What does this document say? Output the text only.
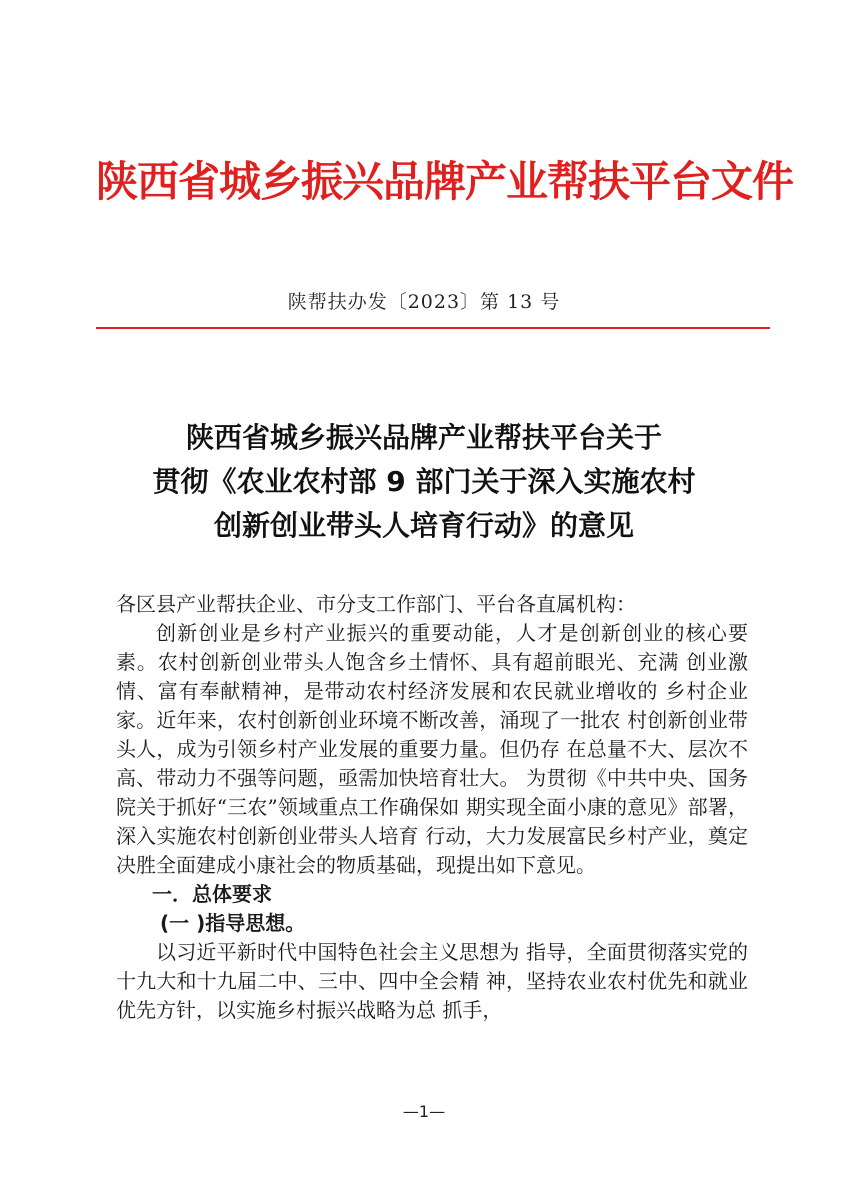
陕西省城乡振兴品牌产业帮扶平台文件
陕帮扶办发〔2023〕第 13 号
陕西省城乡振兴品牌产业帮扶平台关于
贯彻《农业农村部 9 部门关于深入实施农村
创新创业带头人培育行动》的意见

各区县产业帮扶企业、市分支工作部门、平台各直属机构：

创新创业是乡村产业振兴的重要动能，人才是创新创业的核心要素。农村创新创业带头人饱含乡土情怀、具有超前眼光、充满 创业激情、富有奉献精神，是带动农村经济发展和农民就业增收的 乡村企业家。近年来，农村创新创业环境不断改善，涌现了一批农 村创新创业带头人，成为引领乡村产业发展的重要力量。但仍存 在总量不大、层次不高、带动力不强等问题，亟需加快培育壮大。 为贯彻《中共中央、国务院关于抓好“三农”领域重点工作确保如 期实现全面小康的意见》部署，深入实施农村创新创业带头人培育 行动，大力发展富民乡村产业，奠定决胜全面建成小康社会的物质基础，现提出如下意见。

一．总体要求

(一 )指导思想。

以习近平新时代中国特色社会主义思想为 指导，全面贯彻落实党的十九大和十九届二中、三中、四中全会精 神，坚持农业农村优先和就业优先方针，以实施乡村振兴战略为总 抓手，

—1—
